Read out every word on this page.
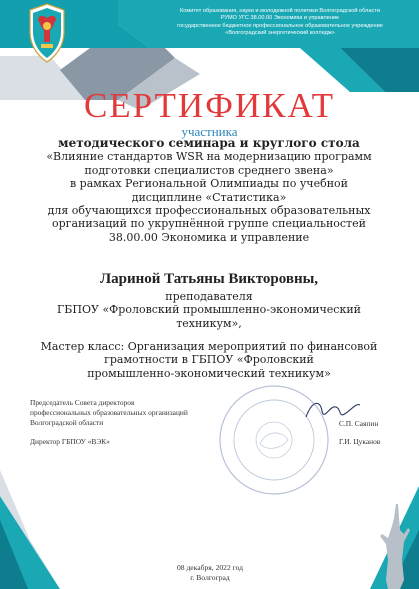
Комитет образования, науки и молодежной политики Волгоградской области
РУМО УГС 38.00.00 Экономика и управление
государственное бюджетное профессиональное образовательное учреждение
«Волгоградский энергетический колледж»
СЕРТИФИКАТ
участника
методического семинара и круглого стола
«Влияние стандартов WSR на модернизацию программ
подготовки специалистов среднего звена»
в рамках Региональной Олимпиады по учебной
дисциплине «Статистика»
для обучающихся профессиональных образовательных
организаций по укрупнённой группе специальностей
38.00.00 Экономика и управление
Лариной Татьяны Викторовны,
преподавателя
ГБПОУ «Фроловский промышленно-экономический
техникум»,
Мастер класс: Организация мероприятий по финансовой
грамотности в ГБПОУ «Фроловский
промышленно-экономический техникум»
Председатель Совета директоров
профессиональных образовательных организаций
Волгоградской области	С.П. Саяпин
Директор ГБПОУ «ВЭК»	Г.И. Цуканов
08 декабря, 2022 год
г. Волгоград
